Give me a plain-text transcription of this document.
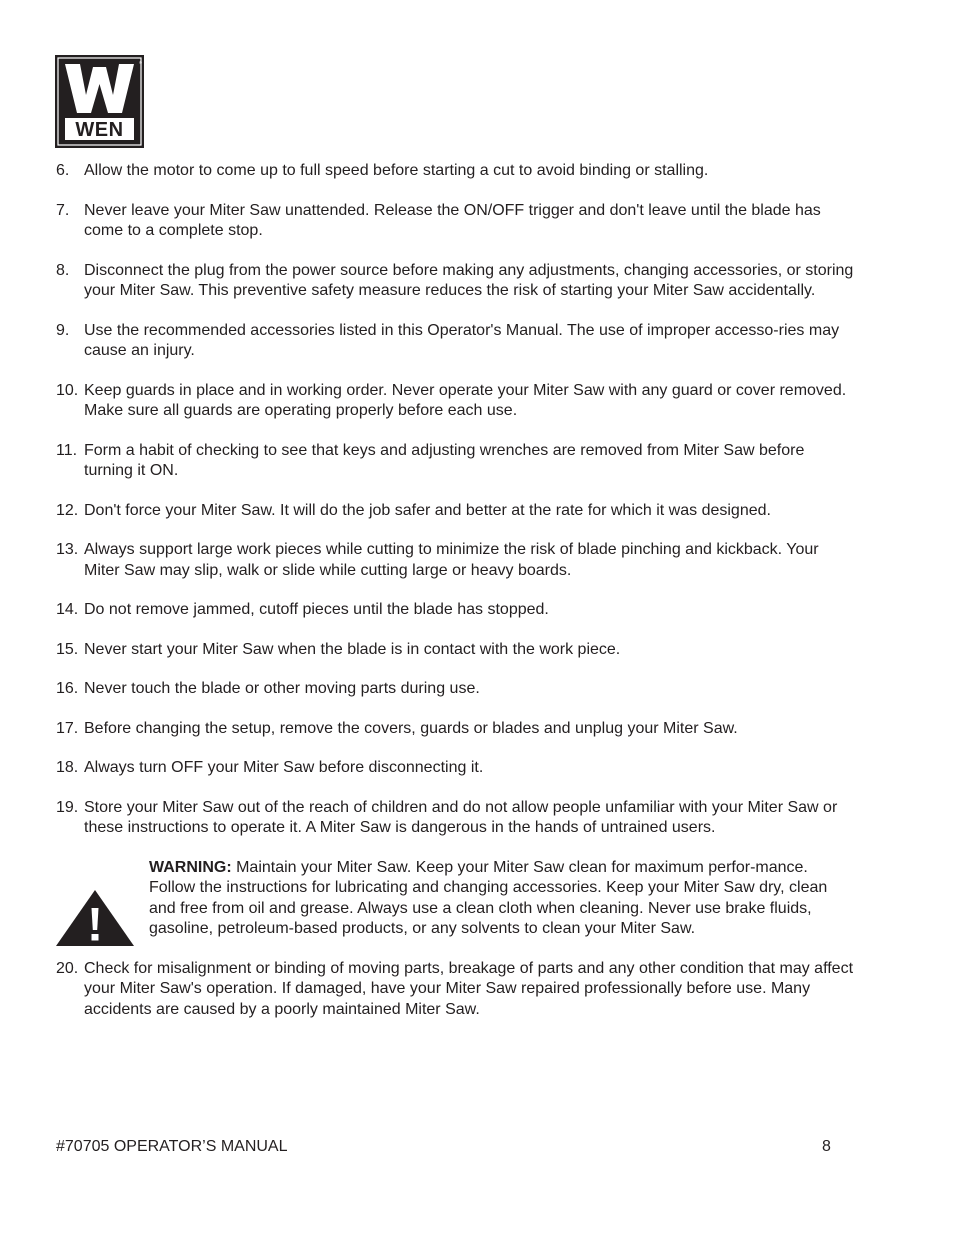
WEN
®
6. Allow the motor to come up to full speed before starting a cut to avoid binding or stalling.
7. Never leave your Miter Saw unattended. Release the ON/OFF trigger and don't leave until the blade has come to a complete stop.
8. Disconnect the plug from the power source before making any adjustments, changing accessories, or storing your Miter Saw. This preventive safety measure reduces the risk of starting your Miter Saw accidentally.
9. Use the recommended accessories listed in this Operator's Manual. The use of improper accesso-ries may cause an injury.
10. Keep guards in place and in working order. Never operate your Miter Saw with any guard or cover removed. Make sure all guards are operating properly before each use.
11. Form a habit of checking to see that keys and adjusting wrenches are removed from Miter Saw before turning it ON.
12. Don't force your Miter Saw. It will do the job safer and better at the rate for which it was designed.
13. Always support large work pieces while cutting to minimize the risk of blade pinching and kickback. Your Miter Saw may slip, walk or slide while cutting large or heavy boards.
14. Do not remove jammed, cutoff pieces until the blade has stopped.
15. Never start your Miter Saw when the blade is in contact with the work piece.
16. Never touch the blade or other moving parts during use.
17. Before changing the setup, remove the covers, guards or blades and unplug your Miter Saw.
18. Always turn OFF your Miter Saw before disconnecting it.
19. Store your Miter Saw out of the reach of children and do not allow people unfamiliar with your Miter Saw or these instructions to operate it. A Miter Saw is dangerous in the hands of untrained users.
WARNING: Maintain your Miter Saw. Keep your Miter Saw clean for maximum perfor-mance. Follow the instructions for lubricating and changing accessories. Keep your Miter Saw dry, clean and free from oil and grease. Always use a clean cloth when cleaning. Never use brake fluids, gasoline, petroleum-based products, or any solvents to clean your Miter Saw.
20. Check for misalignment or binding of moving parts, breakage of parts and any other condition that may affect your Miter Saw's operation. If damaged, have your Miter Saw repaired professionally before use. Many accidents are caused by a poorly maintained Miter Saw.
#70705 OPERATOR’S MANUAL	8
